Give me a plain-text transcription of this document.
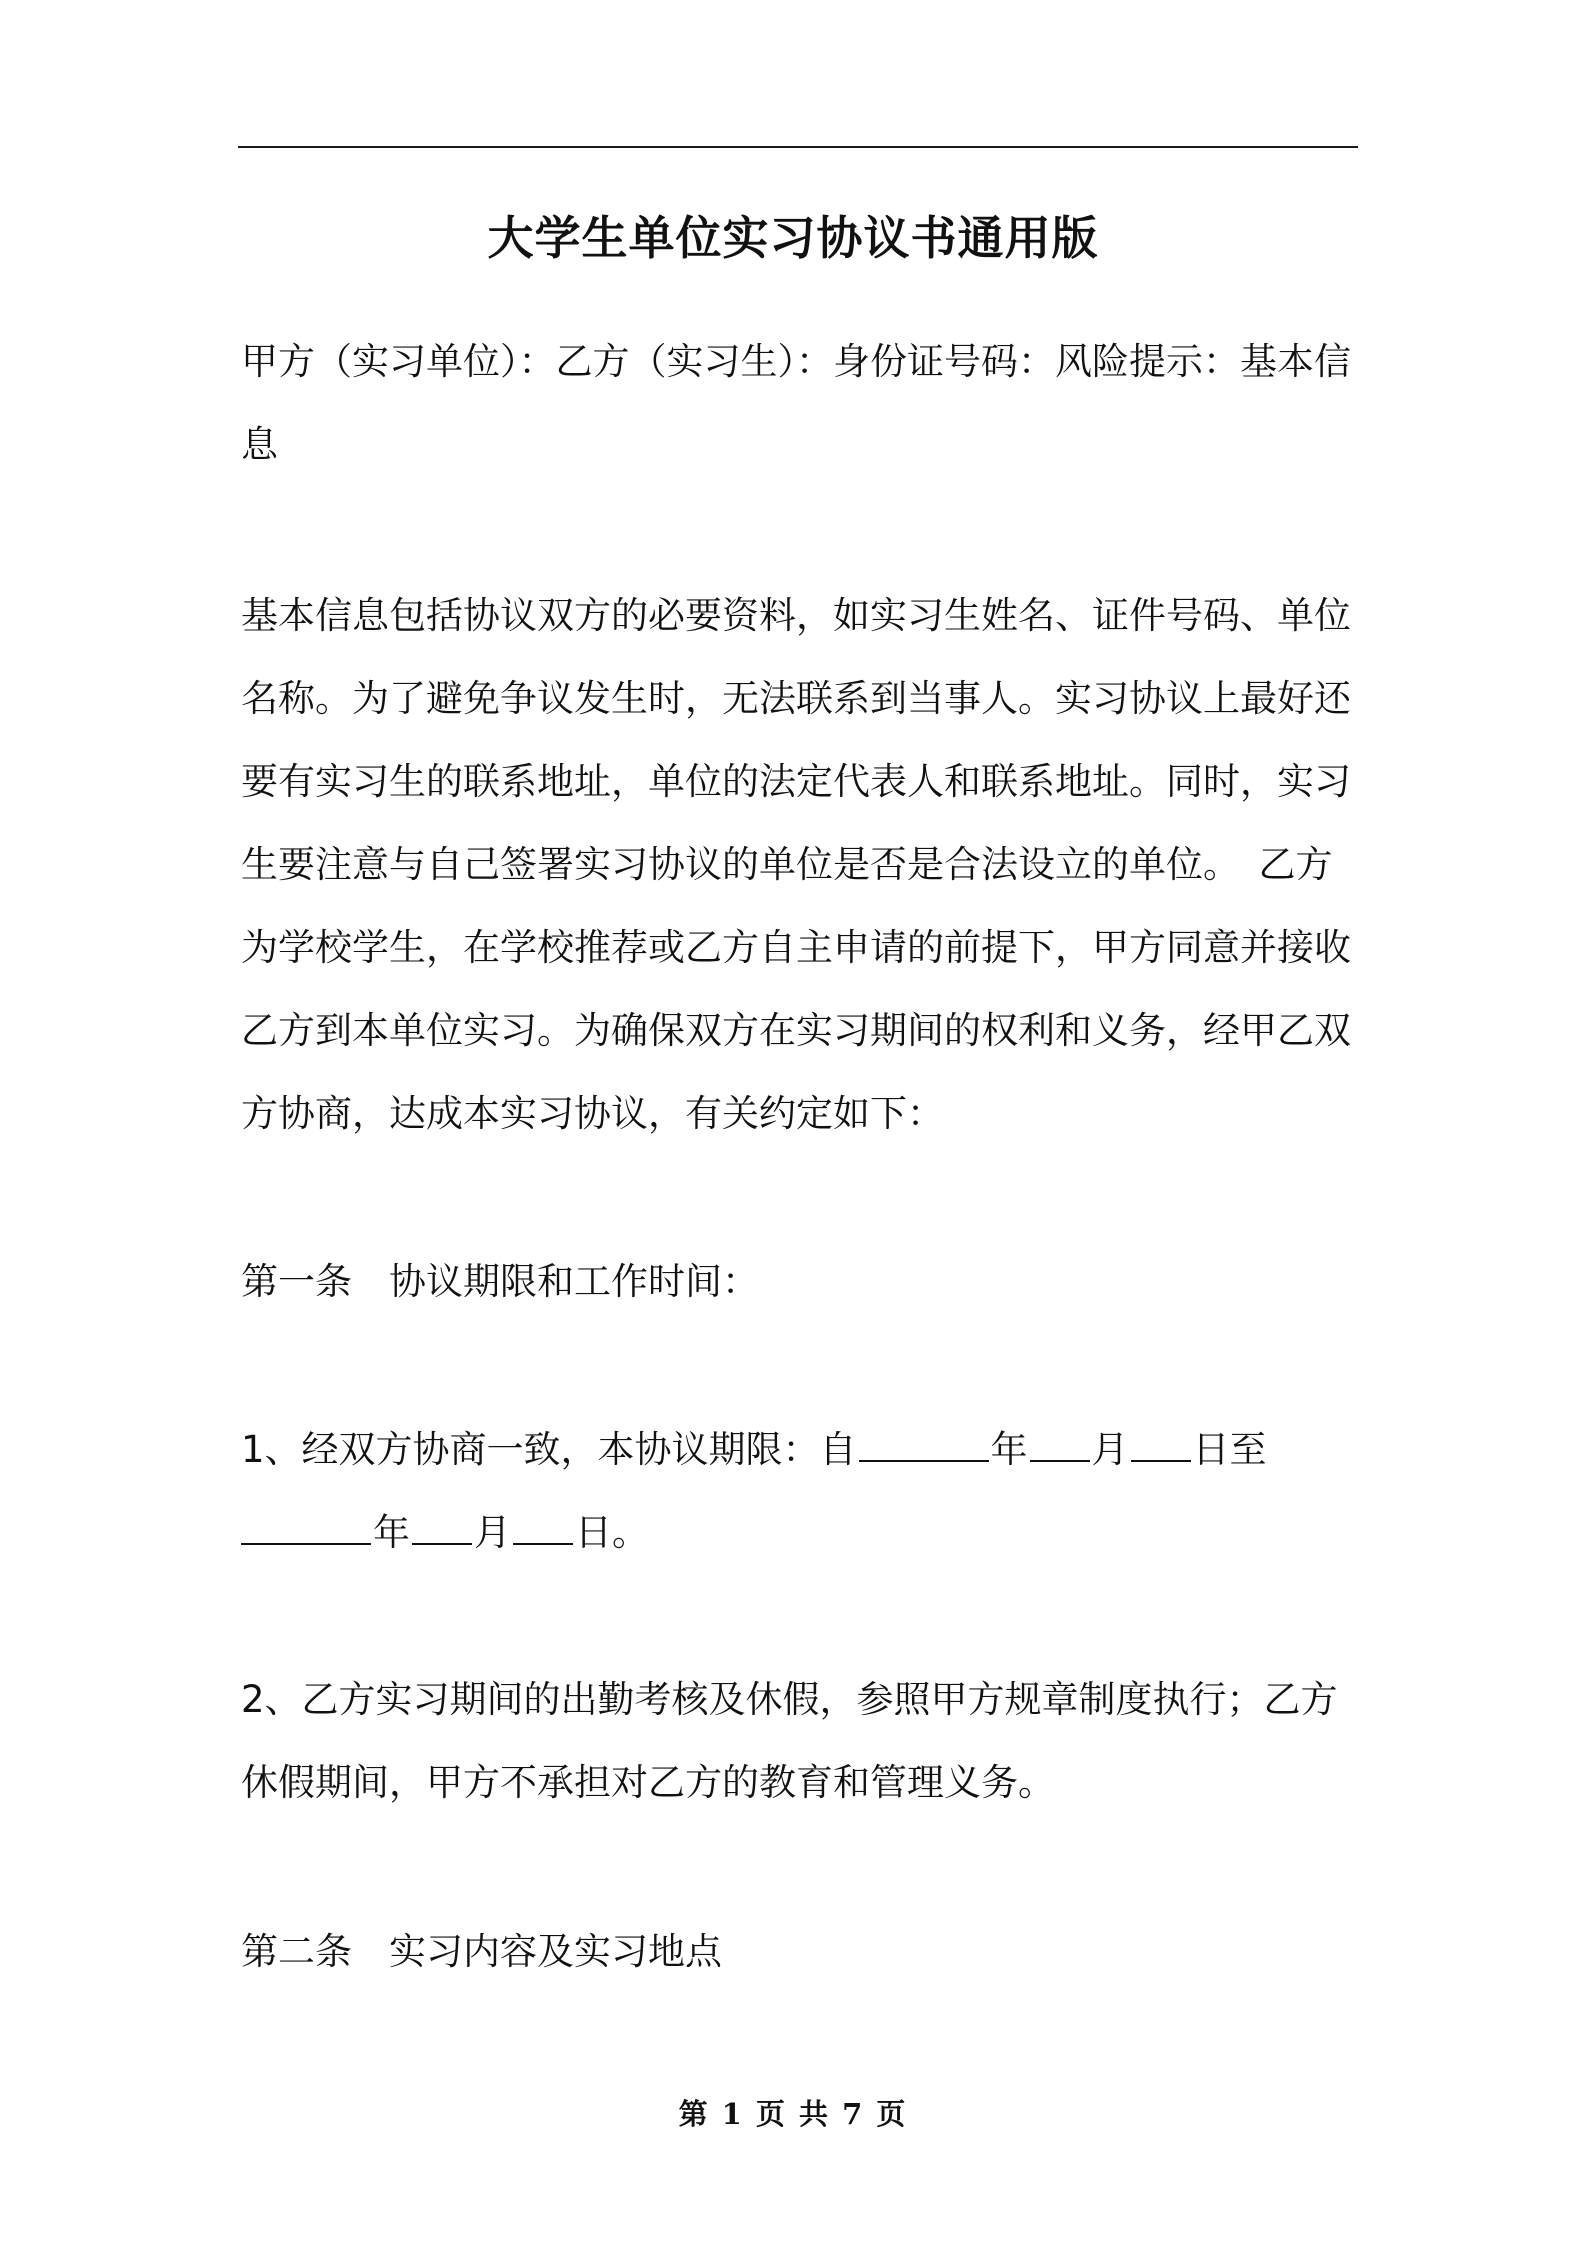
大学生单位实习协议书通用版
甲方（实习单位）：乙方（实习生）：身份证号码：风险提示：基本信
息
基本信息包括协议双方的必要资料，如实习生姓名、证件号码、单位
名称。为了避免争议发生时，无法联系到当事人。实习协议上最好还
要有实习生的联系地址，单位的法定代表人和联系地址。同时，实习
生要注意与自己签署实习协议的单位是否是合法设立的单位。　乙方
为学校学生，在学校推荐或乙方自主申请的前提下，甲方同意并接收
乙方到本单位实习。为确保双方在实习期间的权利和义务，经甲乙双
方协商，达成本实习协议，有关约定如下：
第一条　协议期限和工作时间：
1、经双方协商一致，本协议期限：自	年 月 日至
年 月 日。
2、乙方实习期间的出勤考核及休假，参照甲方规章制度执行；乙方
休假期间，甲方不承担对乙方的教育和管理义务。
第二条　实习内容及实习地点
第 1 页 共 7 页
